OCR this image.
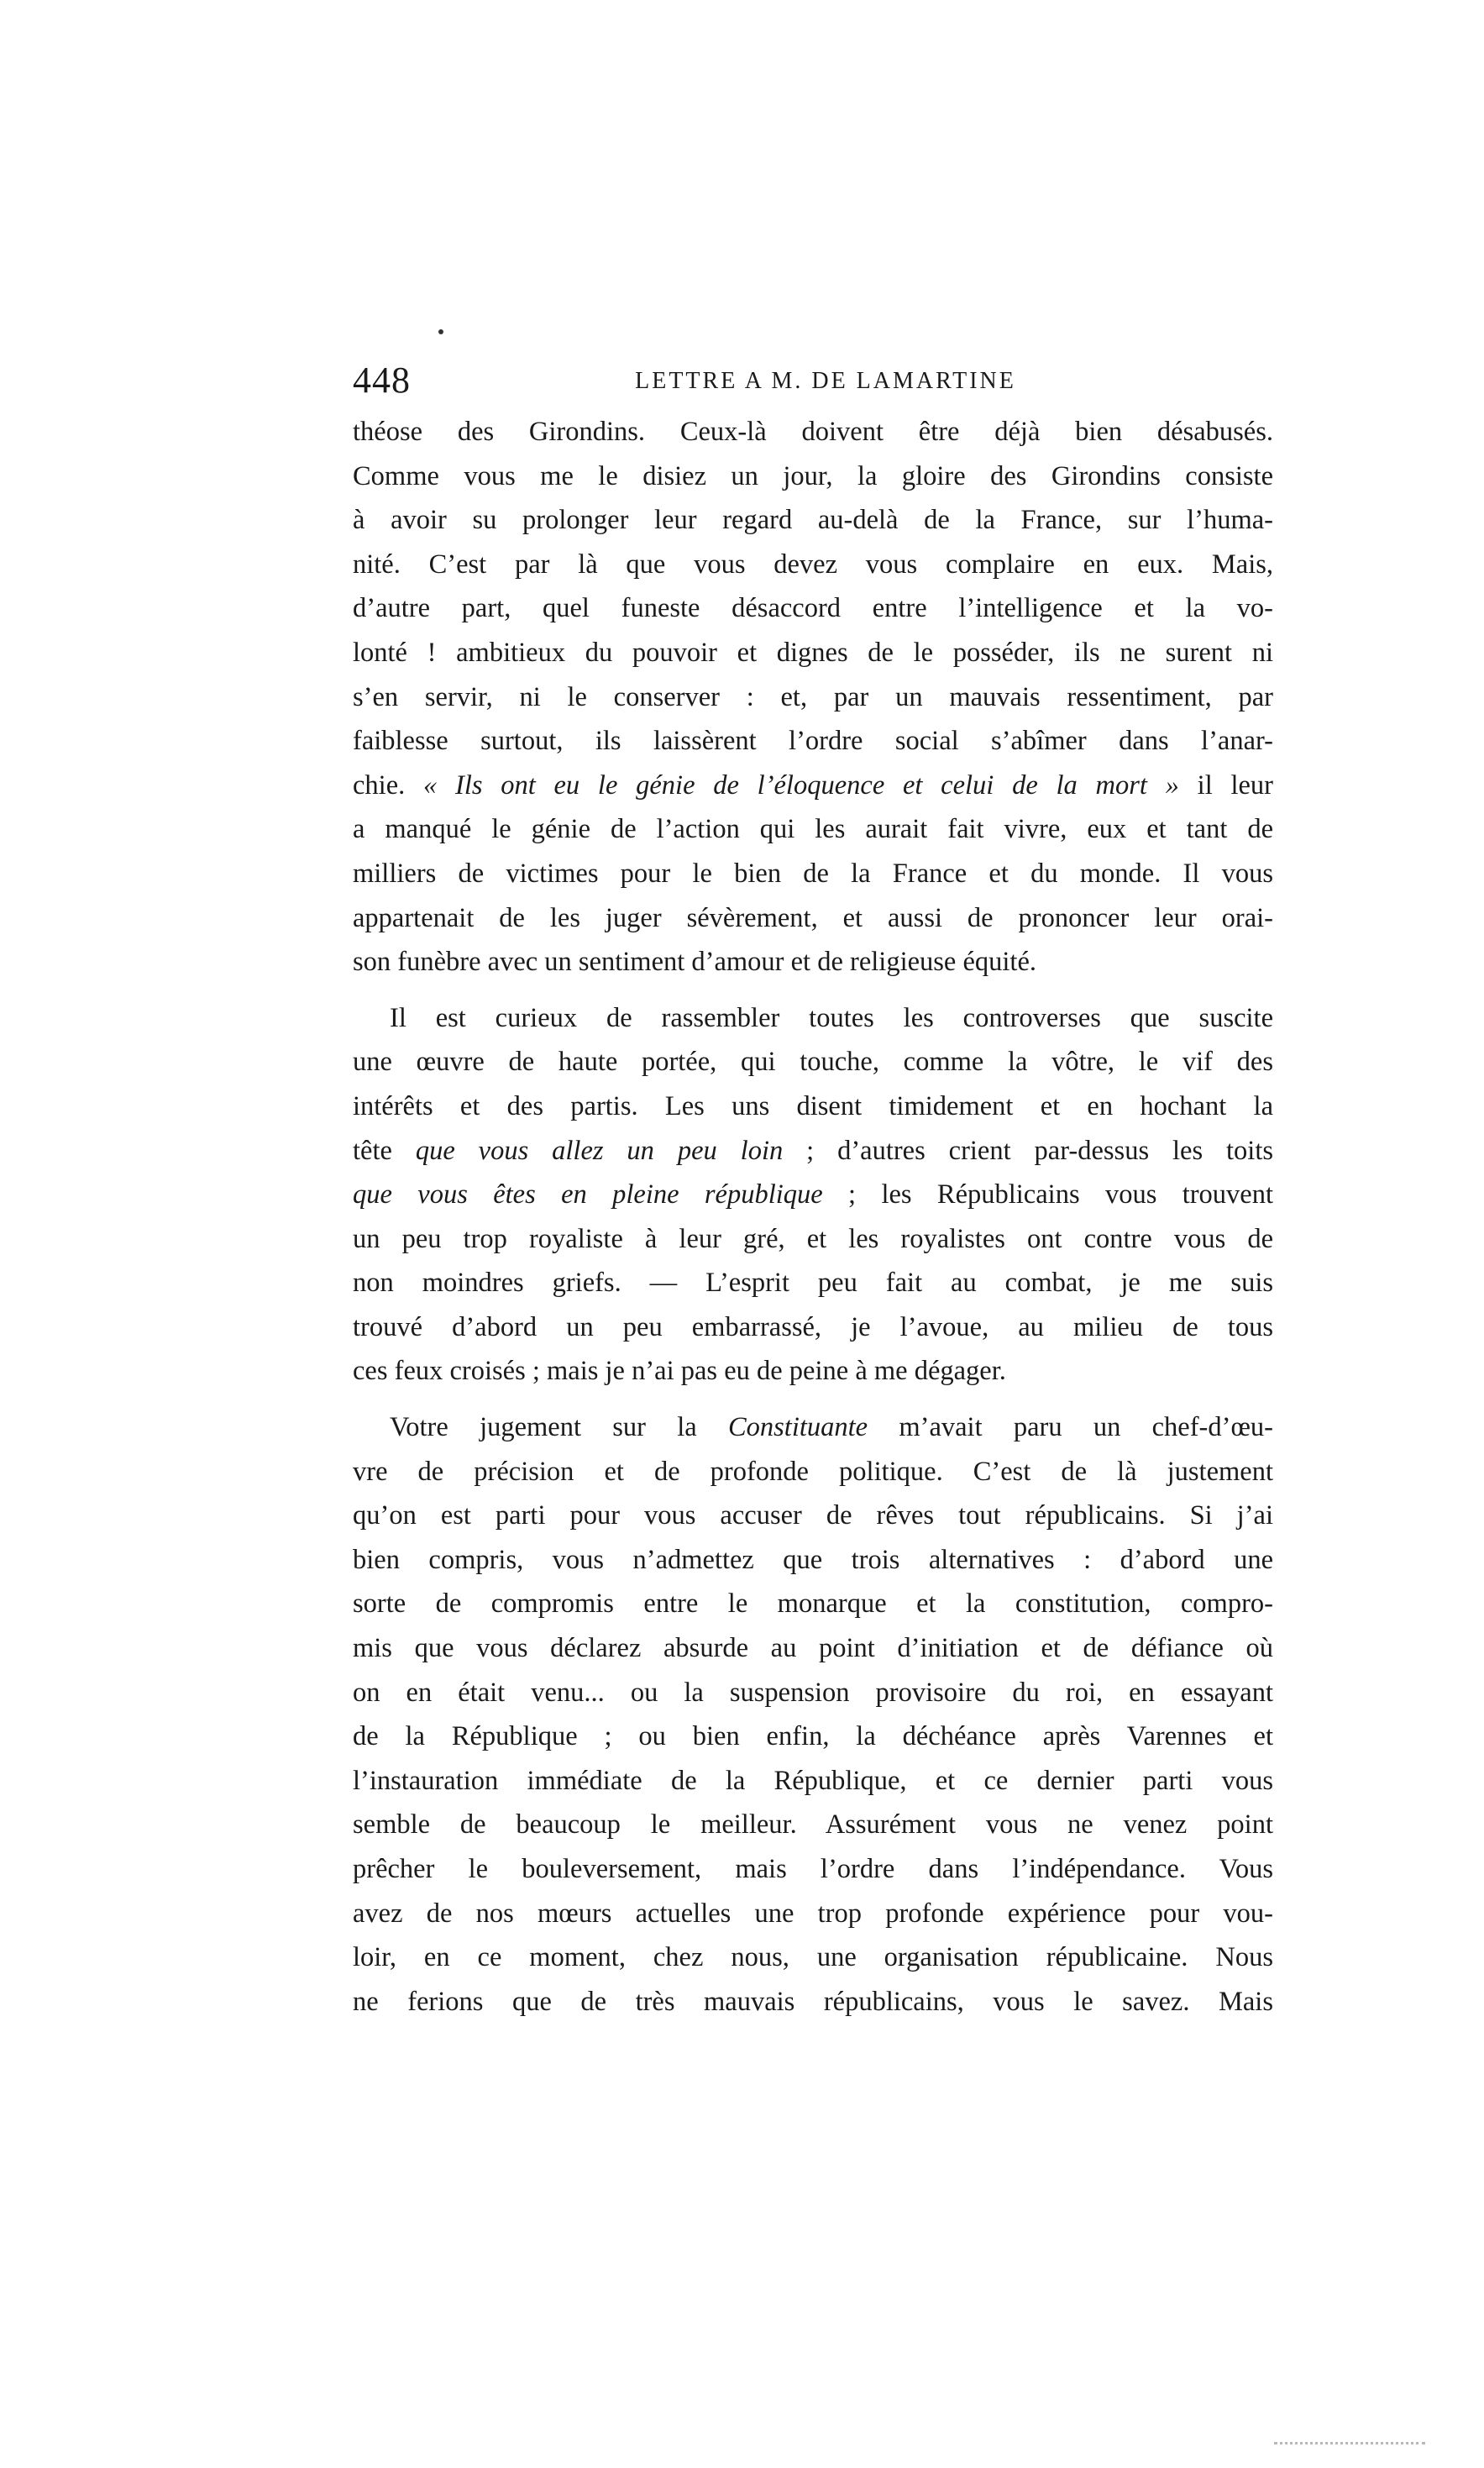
448	LETTRE A M. DE LAMARTINE
théose des Girondins. Ceux-là doivent être déjà bien désabusés.
Comme vous me le disiez un jour, la gloire des Girondins consiste
à avoir su prolonger leur regard au-delà de la France, sur l’huma-
nité. C’est par là que vous devez vous complaire en eux. Mais,
d’autre part, quel funeste désaccord entre l’intelligence et la vo-
lonté ! ambitieux du pouvoir et dignes de le posséder, ils ne surent ni
s’en servir, ni le conserver : et, par un mauvais ressentiment, par
faiblesse surtout, ils laissèrent l’ordre social s’abîmer dans l’anar-
chie. « Ils ont eu le génie de l’éloquence et celui de la mort » il leur
a manqué le génie de l’action qui les aurait fait vivre, eux et tant de
milliers de victimes pour le bien de la France et du monde. Il vous
appartenait de les juger sévèrement, et aussi de prononcer leur orai-
son funèbre avec un sentiment d’amour et de religieuse équité.
Il est curieux de rassembler toutes les controverses que suscite
une œuvre de haute portée, qui touche, comme la vôtre, le vif des
intérêts et des partis. Les uns disent timidement et en hochant la
tête que vous allez un peu loin ; d’autres crient par-dessus les toits
que vous êtes en pleine république ; les Républicains vous trouvent
un peu trop royaliste à leur gré, et les royalistes ont contre vous de
non moindres griefs. — L’esprit peu fait au combat, je me suis
trouvé d’abord un peu embarrassé, je l’avoue, au milieu de tous
ces feux croisés ; mais je n’ai pas eu de peine à me dégager.
Votre jugement sur la Constituante m’avait paru un chef-d’œu-
vre de précision et de profonde politique. C’est de là justement
qu’on est parti pour vous accuser de rêves tout républicains. Si j’ai
bien compris, vous n’admettez que trois alternatives : d’abord une
sorte de compromis entre le monarque et la constitution, compro-
mis que vous déclarez absurde au point d’initiation et de défiance où
on en était venu... ou la suspension provisoire du roi, en essayant
de la République ; ou bien enfin, la déchéance après Varennes et
l’instauration immédiate de la République, et ce dernier parti vous
semble de beaucoup le meilleur. Assurément vous ne venez point
prêcher le bouleversement, mais l’ordre dans l’indépendance. Vous
avez de nos mœurs actuelles une trop profonde expérience pour vou-
loir, en ce moment, chez nous, une organisation républicaine. Nous
ne ferions que de très mauvais républicains, vous le savez. Mais
